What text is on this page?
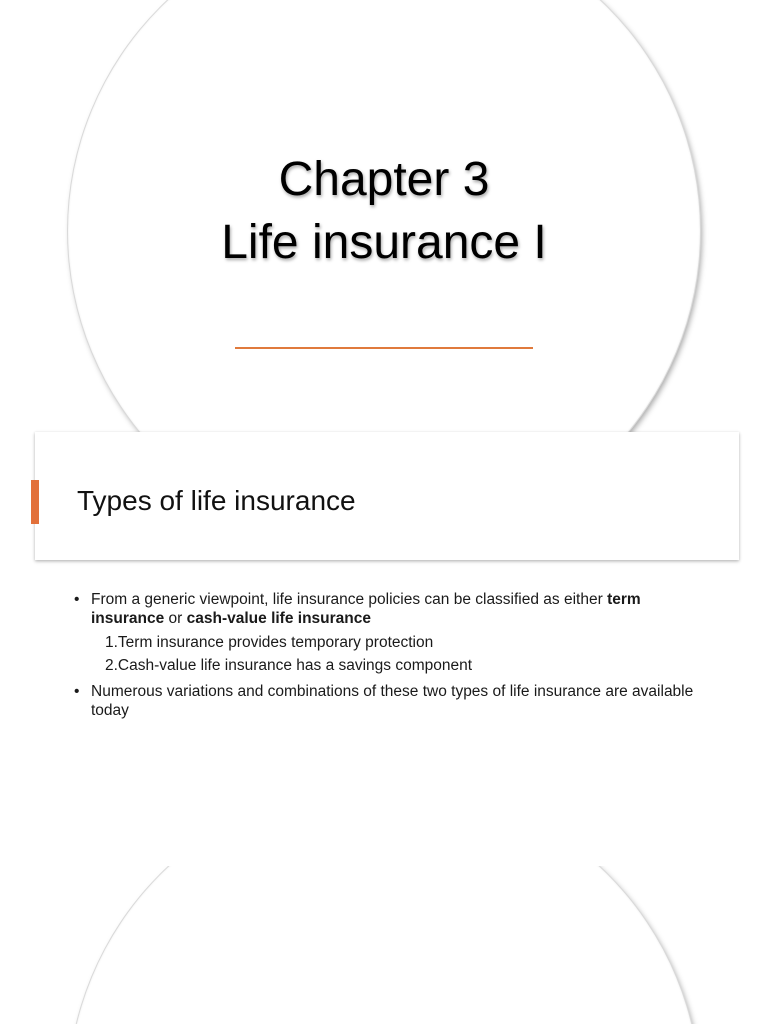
Chapter 3
Life insurance I
Types of life insurance
• From a generic viewpoint, life insurance policies can be classified as either term insurance or cash-value life insurance
1.Term insurance provides temporary protection
2.Cash-value life insurance has a savings component
• Numerous variations and combinations of these two types of life insurance are available today
